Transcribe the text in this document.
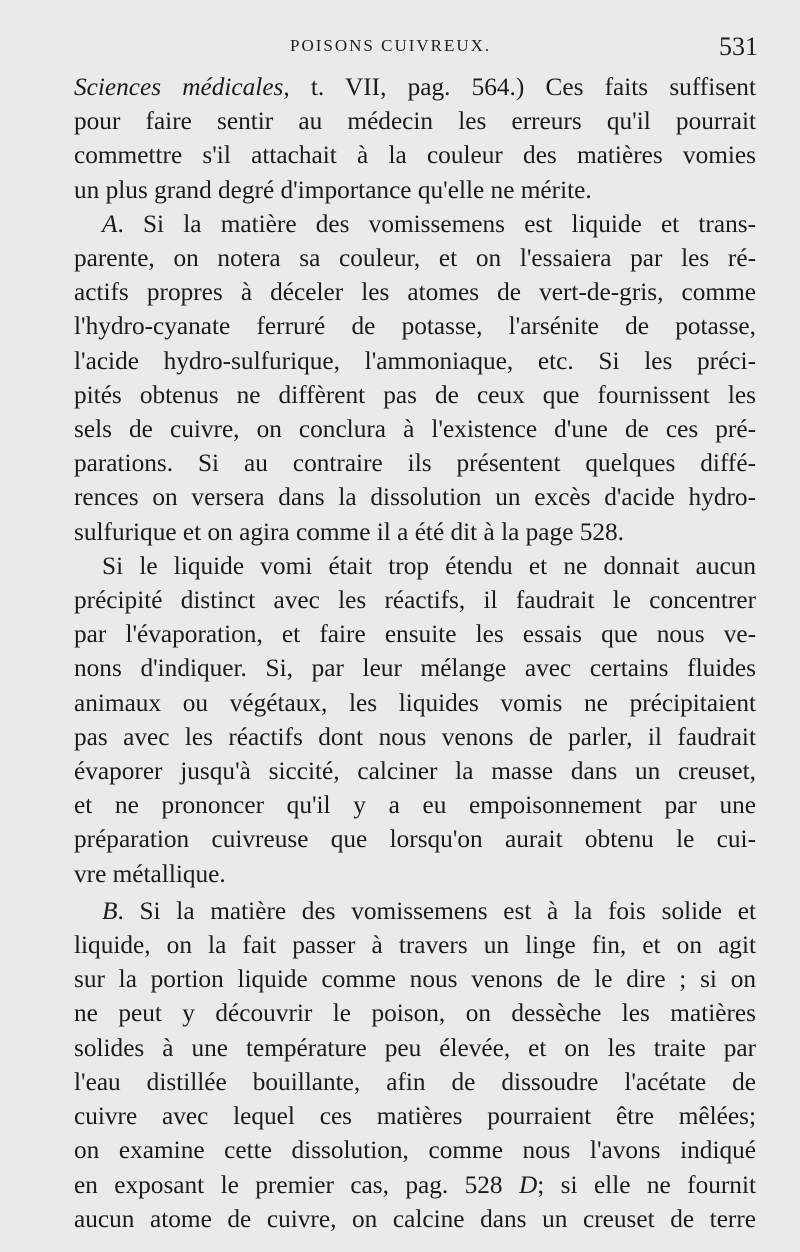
POISONS CUIVREUX.	531
Sciences médicales, t. VII, pag. 564.) Ces faits suffisent
pour faire sentir au médecin les erreurs qu'il pourrait
commettre s'il attachait à la couleur des matières vomies
un plus grand degré d'importance qu'elle ne mérite.
A. Si la matière des vomissemens est liquide et trans-
parente, on notera sa couleur, et on l'essaiera par les ré-
actifs propres à déceler les atomes de vert-de-gris, comme
l'hydro-cyanate ferruré de potasse, l'arsénite de potasse,
l'acide hydro-sulfurique, l'ammoniaque, etc. Si les préci-
pités obtenus ne diffèrent pas de ceux que fournissent les
sels de cuivre, on conclura à l'existence d'une de ces pré-
parations. Si au contraire ils présentent quelques diffé-
rences on versera dans la dissolution un excès d'acide hydro-
sulfurique et on agira comme il a été dit à la page 528.
Si le liquide vomi était trop étendu et ne donnait aucun
précipité distinct avec les réactifs, il faudrait le concentrer
par l'évaporation, et faire ensuite les essais que nous ve-
nons d'indiquer. Si, par leur mélange avec certains fluides
animaux ou végétaux, les liquides vomis ne précipitaient
pas avec les réactifs dont nous venons de parler, il faudrait
évaporer jusqu'à siccité, calciner la masse dans un creuset,
et ne prononcer qu'il y a eu empoisonnement par une
préparation cuivreuse que lorsqu'on aurait obtenu le cui-
vre métallique.
B. Si la matière des vomissemens est à la fois solide et
liquide, on la fait passer à travers un linge fin, et on agit
sur la portion liquide comme nous venons de le dire ; si on
ne peut y découvrir le poison, on dessèche les matières
solides à une température peu élevée, et on les traite par
l'eau distillée bouillante, afin de dissoudre l'acétate de
cuivre avec lequel ces matières pourraient être mêlées;
on examine cette dissolution, comme nous l'avons indiqué
en exposant le premier cas, pag. 528 D; si elle ne fournit
aucun atome de cuivre, on calcine dans un creuset de terre
